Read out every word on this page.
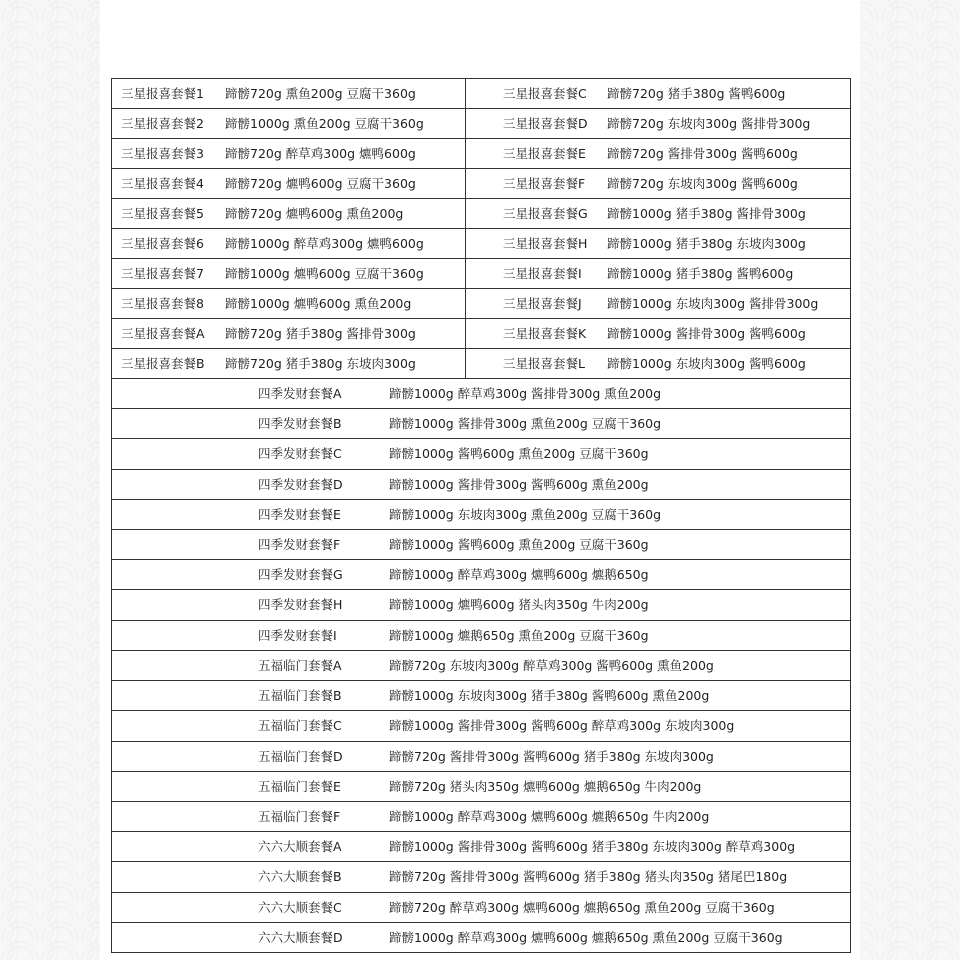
三星报喜套餐1 蹄髈720g 熏鱼200g 豆腐干360g	三星报喜套餐C 蹄髈720g 猪手380g 酱鸭600g
三星报喜套餐2 蹄髈1000g 熏鱼200g 豆腐干360g	三星报喜套餐D 蹄髈720g 东坡肉300g 酱排骨300g
三星报喜套餐3 蹄髈720g 醉草鸡300g 爊鸭600g	三星报喜套餐E 蹄髈720g 酱排骨300g 酱鸭600g
三星报喜套餐4 蹄髈720g 爊鸭600g 豆腐干360g	三星报喜套餐F 蹄髈720g 东坡肉300g 酱鸭600g
三星报喜套餐5 蹄髈720g 爊鸭600g 熏鱼200g	三星报喜套餐G 蹄髈1000g 猪手380g 酱排骨300g
三星报喜套餐6 蹄髈1000g 醉草鸡300g 爊鸭600g	三星报喜套餐H 蹄髈1000g 猪手380g 东坡肉300g
三星报喜套餐7 蹄髈1000g 爊鸭600g 豆腐干360g	三星报喜套餐I 蹄髈1000g 猪手380g 酱鸭600g
三星报喜套餐8 蹄髈1000g 爊鸭600g 熏鱼200g	三星报喜套餐J 蹄髈1000g 东坡肉300g 酱排骨300g
三星报喜套餐A 蹄髈720g 猪手380g 酱排骨300g	三星报喜套餐K 蹄髈1000g 酱排骨300g 酱鸭600g
三星报喜套餐B 蹄髈720g 猪手380g 东坡肉300g	三星报喜套餐L 蹄髈1000g 东坡肉300g 酱鸭600g
四季发财套餐A	蹄髈1000g 醉草鸡300g 酱排骨300g 熏鱼200g
四季发财套餐B	蹄髈1000g 酱排骨300g 熏鱼200g 豆腐干360g
四季发财套餐C	蹄髈1000g 酱鸭600g 熏鱼200g 豆腐干360g
四季发财套餐D	蹄髈1000g 酱排骨300g 酱鸭600g 熏鱼200g
四季发财套餐E	蹄髈1000g 东坡肉300g 熏鱼200g 豆腐干360g
四季发财套餐F	蹄髈1000g 酱鸭600g 熏鱼200g 豆腐干360g
四季发财套餐G	蹄髈1000g 醉草鸡300g 爊鸭600g 爊鹅650g
四季发财套餐H	蹄髈1000g 爊鸭600g 猪头肉350g 牛肉200g
四季发财套餐I	蹄髈1000g 爊鹅650g 熏鱼200g 豆腐干360g
五福临门套餐A	蹄髈720g 东坡肉300g 醉草鸡300g 酱鸭600g 熏鱼200g
五福临门套餐B	蹄髈1000g 东坡肉300g 猪手380g 酱鸭600g 熏鱼200g
五福临门套餐C	蹄髈1000g 酱排骨300g 酱鸭600g 醉草鸡300g 东坡肉300g
五福临门套餐D	蹄髈720g 酱排骨300g 酱鸭600g 猪手380g 东坡肉300g
五福临门套餐E	蹄髈720g 猪头肉350g 爊鸭600g 爊鹅650g 牛肉200g
五福临门套餐F	蹄髈1000g 醉草鸡300g 爊鸭600g 爊鹅650g 牛肉200g
六六大顺套餐A	蹄髈1000g 酱排骨300g 酱鸭600g 猪手380g 东坡肉300g 醉草鸡300g
六六大顺套餐B	蹄髈720g 酱排骨300g 酱鸭600g 猪手380g 猪头肉350g 猪尾巴180g
六六大顺套餐C	蹄髈720g 醉草鸡300g 爊鸭600g 爊鹅650g 熏鱼200g 豆腐干360g
六六大顺套餐D	蹄髈1000g 醉草鸡300g 爊鸭600g 爊鹅650g 熏鱼200g 豆腐干360g
